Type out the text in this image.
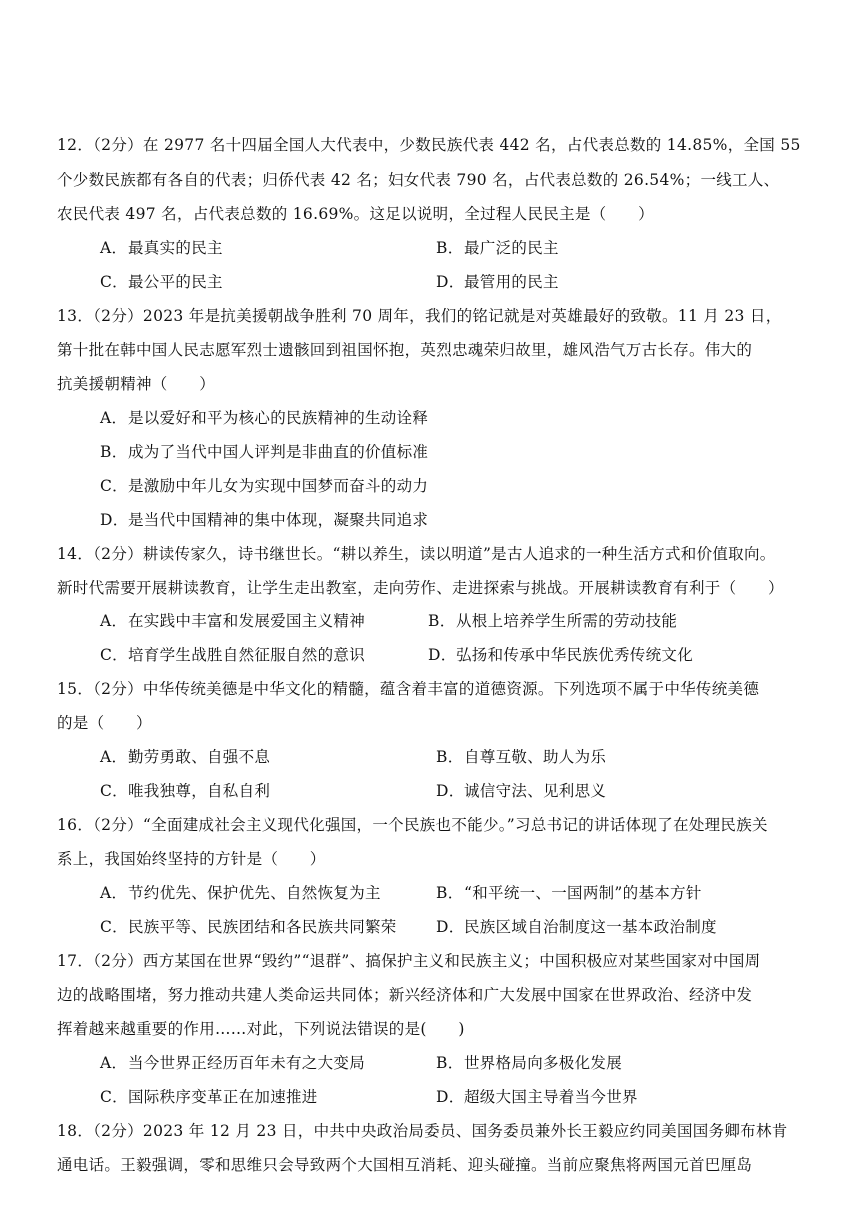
12．（2分）在 2977 名十四届全国人大代表中，少数民族代表 442 名，占代表总数的 14.85%，全国 55
个少数民族都有各自的代表；归侨代表 42 名；妇女代表 790 名，占代表总数的 26.54%；一线工人、
农民代表 497 名，占代表总数的 16.69%。这足以说明，全过程人民民主是（　　）
A．最真实的民主	B．最广泛的民主
C．最公平的民主	D．最管用的民主
13．（2分）2023 年是抗美援朝战争胜利 70 周年，我们的铭记就是对英雄最好的致敬。11 月 23 日，
第十批在韩中国人民志愿军烈士遗骸回到祖国怀抱，英烈忠魂荣归故里，雄风浩气万古长存。伟大的
抗美援朝精神（　　）
A．是以爱好和平为核心的民族精神的生动诠释
B．成为了当代中国人评判是非曲直的价值标准
C．是激励中年儿女为实现中国梦而奋斗的动力
D．是当代中国精神的集中体现，凝聚共同追求
14．（2分）耕读传家久，诗书继世长。“耕以养生，读以明道”是古人追求的一种生活方式和价值取向。
新时代需要开展耕读教育，让学生走出教室，走向劳作、走进探索与挑战。开展耕读教育有利于（　　）
A．在实践中丰富和发展爱国主义精神	B．从根上培养学生所需的劳动技能
C．培育学生战胜自然征服自然的意识	D．弘扬和传承中华民族优秀传统文化
15．（2分）中华传统美德是中华文化的精髓，蕴含着丰富的道德资源。下列选项不属于中华传统美德
的是（　　）
A．勤劳勇敢、自强不息	B．自尊互敬、助人为乐
C．唯我独尊，自私自利	D．诚信守法、见利思义
16．（2分）“全面建成社会主义现代化强国，一个民族也不能少。”习总书记的讲话体现了在处理民族关
系上，我国始终坚持的方针是（　　）
A．节约优先、保护优先、自然恢复为主	B．“和平统一、一国两制”的基本方针
C．民族平等、民族团结和各民族共同繁荣	D．民族区域自治制度这一基本政治制度
17．（2分）西方某国在世界“毁约”“退群”、搞保护主义和民族主义；中国积极应对某些国家对中国周
边的战略围堵，努力推动共建人类命运共同体；新兴经济体和广大发展中国家在世界政治、经济中发
挥着越来越重要的作用……对此，下列说法错误的是(　　)
A．当今世界正经历百年未有之大变局	B．世界格局向多极化发展
C．国际秩序变革正在加速推进	D．超级大国主导着当今世界
18．（2分）2023 年 12 月 23 日，中共中央政治局委员、国务委员兼外长王毅应约同美国国务卿布林肯
通电话。王毅强调，零和思维只会导致两个大国相互消耗、迎头碰撞。当前应聚焦将两国元首巴厘岛
